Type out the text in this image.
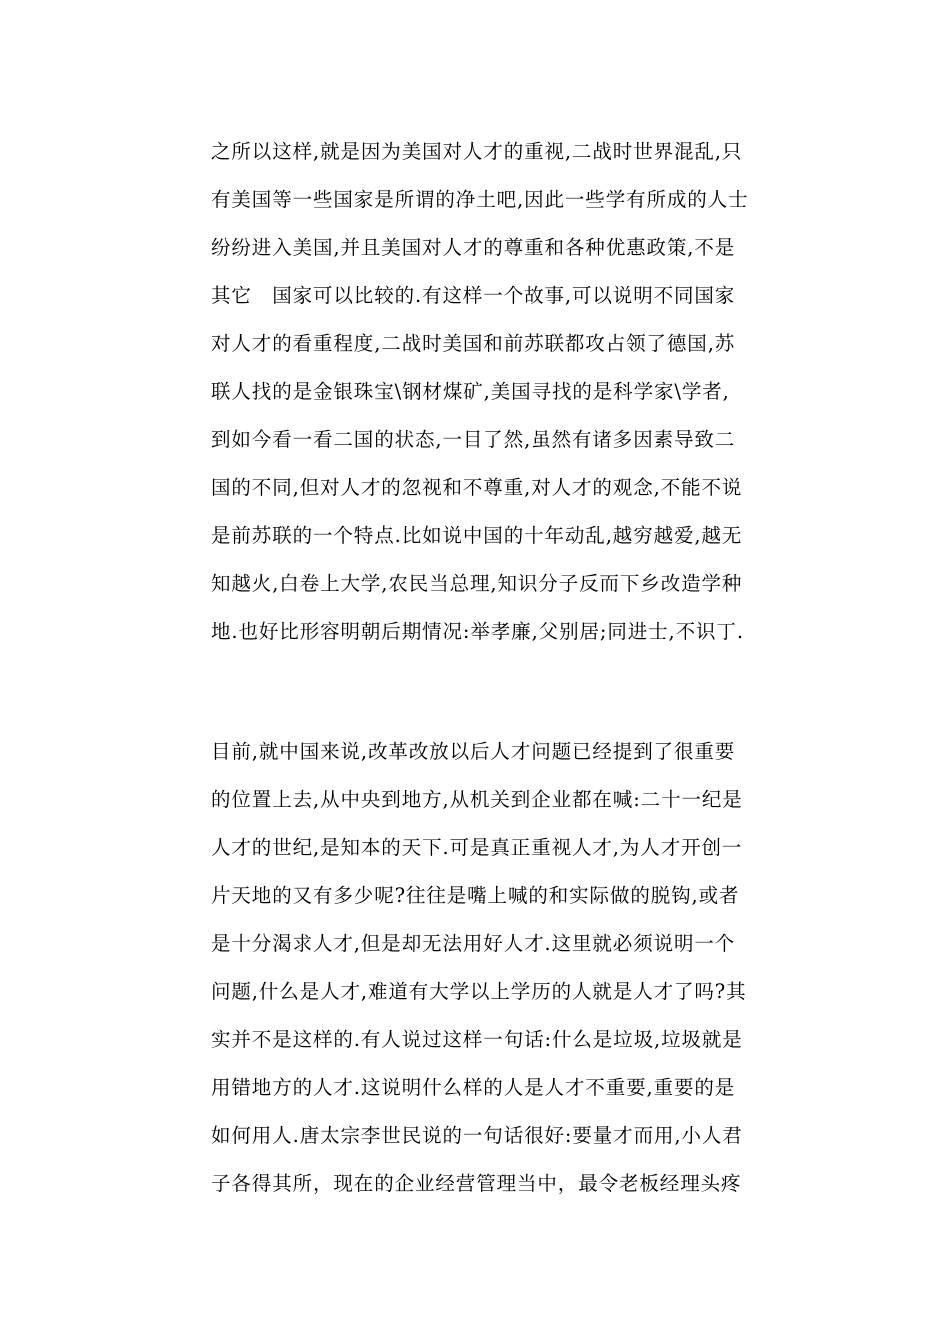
之所以这样,就是因为美国对人才的重视,二战时世界混乱,只
有美国等一些国家是所谓的净土吧,因此一些学有所成的人士
纷纷进入美国,并且美国对人才的尊重和各种优惠政策,不是
其它　国家可以比较的.有这样一个故事,可以说明不同国家
对人才的看重程度,二战时美国和前苏联都攻占领了德国,苏
联人找的是金银珠宝\钢材煤矿,美国寻找的是科学家\学者,
到如今看一看二国的状态,一目了然,虽然有诸多因素导致二
国的不同,但对人才的忽视和不尊重,对人才的观念,不能不说
是前苏联的一个特点.比如说中国的十年动乱,越穷越爱,越无
知越火,白卷上大学,农民当总理,知识分子反而下乡改造学种
地.也好比形容明朝后期情况:举孝廉,父别居;同进士,不识丁.
目前,就中国来说,改革改放以后人才问题已经提到了很重要
的位置上去,从中央到地方,从机关到企业都在喊:二十一纪是
人才的世纪,是知本的天下.可是真正重视人才,为人才开创一
片天地的又有多少呢?往往是嘴上喊的和实际做的脱钩,或者
是十分渴求人才,但是却无法用好人才.这里就必须说明一个
问题,什么是人才,难道有大学以上学历的人就是人才了吗?其
实并不是这样的.有人说过这样一句话:什么是垃圾,垃圾就是
用错地方的人才.这说明什么样的人是人才不重要,重要的是
如何用人.唐太宗李世民说的一句话很好:要量才而用,小人君
子各得其所，现在的企业经营管理当中，最令老板经理头疼
